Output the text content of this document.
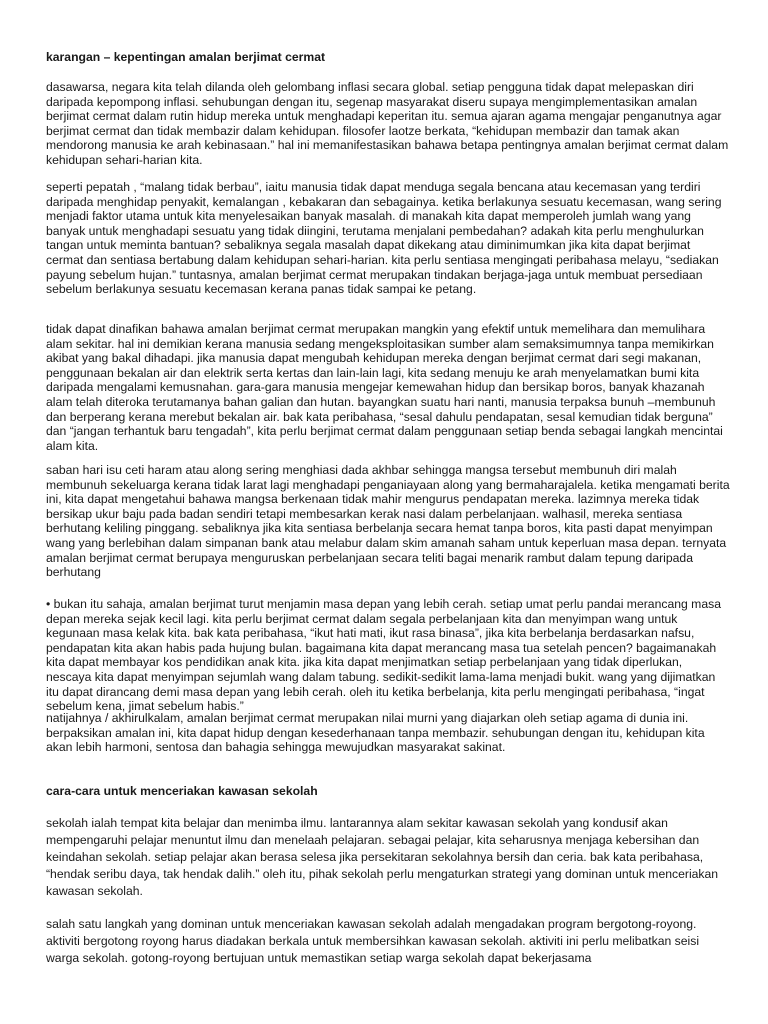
karangan – kepentingan amalan berjimat cermat

dasawarsa, negara kita telah dilanda oleh gelombang inflasi secara global. setiap pengguna tidak dapat melepaskan diri daripada kepompong inflasi. sehubungan dengan itu, segenap masyarakat diseru supaya mengimplementasikan amalan berjimat cermat dalam rutin hidup mereka untuk menghadapi keperitan itu. semua ajaran agama mengajar penganutnya agar berjimat cermat dan tidak membazir dalam kehidupan. filosofer laotze berkata, “kehidupan membazir dan tamak akan mendorong manusia ke arah kebinasaan.” hal ini memanifestasikan bahawa betapa pentingnya amalan berjimat cermat dalam kehidupan sehari-harian kita.

seperti pepatah , “malang tidak berbau”, iaitu manusia tidak dapat menduga segala bencana atau kecemasan yang terdiri daripada menghidap penyakit, kemalangan , kebakaran dan sebagainya. ketika berlakunya sesuatu kecemasan, wang sering menjadi faktor utama untuk kita menyelesaikan banyak masalah. di manakah kita dapat memperoleh jumlah wang yang banyak untuk menghadapi sesuatu yang tidak diingini, terutama menjalani pembedahan? adakah kita perlu menghulurkan tangan untuk meminta bantuan? sebaliknya segala masalah dapat dikekang atau diminimumkan jika kita dapat berjimat cermat dan sentiasa bertabung dalam kehidupan sehari-harian. kita perlu sentiasa mengingati peribahasa melayu, “sediakan payung sebelum hujan.” tuntasnya, amalan berjimat cermat merupakan tindakan berjaga-jaga untuk membuat persediaan sebelum berlakunya sesuatu kecemasan kerana panas tidak sampai ke petang.

tidak dapat dinafikan bahawa amalan berjimat cermat merupakan mangkin yang efektif untuk memelihara dan memulihara alam sekitar. hal ini demikian kerana manusia sedang mengeksploitasikan sumber alam semaksimumnya tanpa memikirkan akibat yang bakal dihadapi. jika manusia dapat mengubah kehidupan mereka dengan berjimat cermat dari segi makanan, penggunaan bekalan air dan elektrik serta kertas dan lain-lain lagi, kita sedang menuju ke arah menyelamatkan bumi kita daripada mengalami kemusnahan. gara-gara manusia mengejar kemewahan hidup dan bersikap boros, banyak khazanah alam telah diteroka terutamanya bahan galian dan hutan. bayangkan suatu hari nanti, manusia terpaksa bunuh –membunuh dan berperang kerana merebut bekalan air. bak kata peribahasa, “sesal dahulu pendapatan, sesal kemudian tidak berguna” dan “jangan terhantuk baru tengadah”, kita perlu berjimat cermat dalam penggunaan setiap benda sebagai langkah mencintai alam kita.

saban hari isu ceti haram atau along sering menghiasi dada akhbar sehingga mangsa tersebut membunuh diri malah membunuh sekeluarga kerana tidak larat lagi menghadapi penganiayaan along yang bermaharajalela. ketika mengamati berita ini, kita dapat mengetahui bahawa mangsa berkenaan tidak mahir mengurus pendapatan mereka. lazimnya mereka tidak bersikap ukur baju pada badan sendiri tetapi membesarkan kerak nasi dalam perbelanjaan. walhasil, mereka sentiasa berhutang keliling pinggang. sebaliknya jika kita sentiasa berbelanja secara hemat tanpa boros, kita pasti dapat menyimpan wang yang berlebihan dalam simpanan bank atau melabur dalam skim amanah saham untuk keperluan masa depan. ternyata amalan berjimat cermat berupaya menguruskan perbelanjaan secara teliti bagai menarik rambut dalam tepung daripada berhutang

• bukan itu sahaja, amalan berjimat turut menjamin masa depan yang lebih cerah. setiap umat perlu pandai merancang masa depan mereka sejak kecil lagi. kita perlu berjimat cermat dalam segala perbelanjaan kita dan menyimpan wang untuk kegunaan masa kelak kita. bak kata peribahasa, “ikut hati mati, ikut rasa binasa”, jika kita berbelanja berdasarkan nafsu, pendapatan kita akan habis pada hujung bulan. bagaimana kita dapat merancang masa tua setelah pencen? bagaimanakah kita dapat membayar kos pendidikan anak kita. jika kita dapat menjimatkan setiap perbelanjaan yang tidak diperlukan, nescaya kita dapat menyimpan sejumlah wang dalam tabung. sedikit-sedikit lama-lama menjadi bukit. wang yang dijimatkan itu dapat dirancang demi masa depan yang lebih cerah. oleh itu ketika berbelanja, kita perlu mengingati peribahasa, “ingat sebelum kena, jimat sebelum habis.”

natijahnya / akhirulkalam, amalan berjimat cermat merupakan nilai murni yang diajarkan oleh setiap agama di dunia ini. berpaksikan amalan ini, kita dapat hidup dengan kesederhanaan tanpa membazir. sehubungan dengan itu, kehidupan kita akan lebih harmoni, sentosa dan bahagia sehingga mewujudkan masyarakat sakinat.

cara-cara untuk menceriakan kawasan sekolah

sekolah ialah tempat kita belajar dan menimba ilmu. lantarannya alam sekitar kawasan sekolah yang kondusif akan mempengaruhi pelajar menuntut ilmu dan menelaah pelajaran. sebagai pelajar, kita seharusnya menjaga kebersihan dan keindahan sekolah. setiap pelajar akan berasa selesa jika persekitaran sekolahnya bersih dan ceria. bak kata peribahasa, “hendak seribu daya, tak hendak dalih.” oleh itu, pihak sekolah perlu mengaturkan strategi yang dominan untuk menceriakan kawasan sekolah.

salah satu langkah yang dominan untuk menceriakan kawasan sekolah adalah mengadakan program bergotong-royong. aktiviti bergotong royong harus diadakan berkala untuk membersihkan kawasan sekolah. aktiviti ini perlu melibatkan seisi warga sekolah. gotong-royong bertujuan untuk memastikan setiap warga sekolah dapat bekerjasama
